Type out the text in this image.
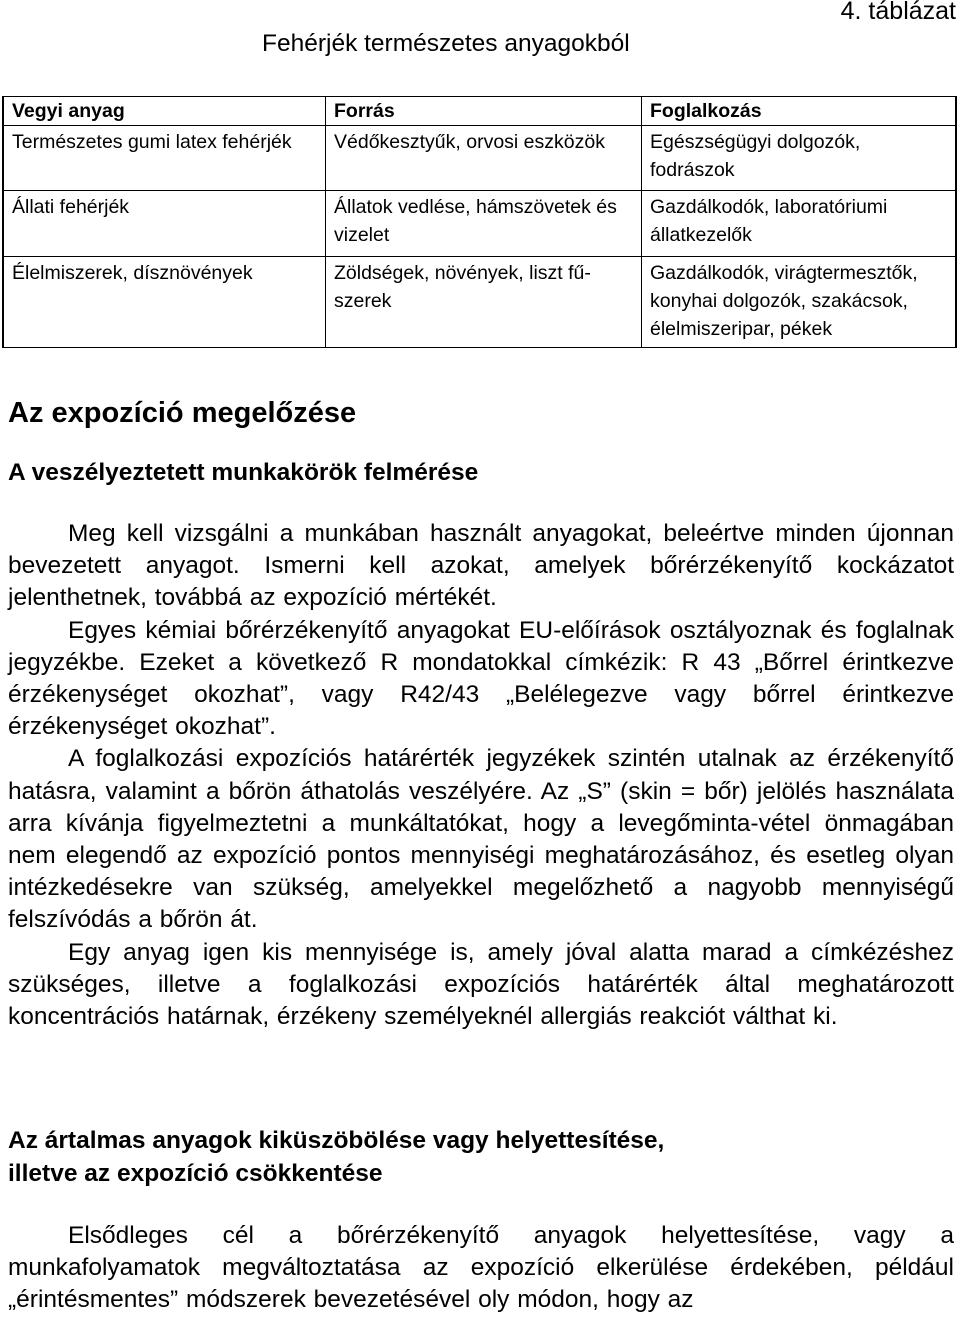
4. táblázat
Fehérjék természetes anyagokból
Vegyi anyag	Forrás	Foglalkozás
Természetes gumi latex fehérjék	Védőkesztyűk, orvosi eszközök	Egészségügyi dolgozók, fodrászok
Állati fehérjék	Állatok vedlése, hámszövetek és vizelet	Gazdálkodók, laboratóriumi állatkezelők
Élelmiszerek, dísznövények	Zöldségek, növények, liszt fű-szerek	Gazdálkodók, virágtermesztők, konyhai dolgozók, szakácsok, élelmiszeripar, pékek
Az expozíció megelőzése
A veszélyeztetett munkakörök felmérése

Meg kell vizsgálni a munkában használt anyagokat, beleértve minden újonnan bevezetett anyagot. Ismerni kell azokat, amelyek bőrérzékenyítő kockázatot jelenthetnek, továbbá az expozíció mértékét.

Egyes kémiai bőrérzékenyítő anyagokat EU-előírások osztályoznak és foglalnak jegyzékbe. Ezeket a következő R mondatokkal címkézik: R 43 „Bőrrel érintkezve érzékenységet okozhat”, vagy R42/43 „Belélegezve vagy bőrrel érintkezve érzékenységet okozhat”.

A foglalkozási expozíciós határérték jegyzékek szintén utalnak az érzékenyítő hatásra, valamint a bőrön áthatolás veszélyére. Az „S” (skin = bőr) jelölés használata arra kívánja figyelmeztetni a munkáltatókat, hogy a levegőminta-vétel önmagában nem elegendő az expozíció pontos mennyiségi meghatározásához, és esetleg olyan intézkedésekre van szükség, amelyekkel megelőzhető a nagyobb mennyiségű felszívódás a bőrön át.

Egy anyag igen kis mennyisége is, amely jóval alatta marad a címkézéshez szükséges, illetve a foglalkozási expozíciós határérték által meghatározott koncentrációs határnak, érzékeny személyeknél allergiás reakciót válthat ki.

Az ártalmas anyagok kiküszöbölése vagy helyettesítése,
illetve az expozíció csökkentése

Elsődleges cél a bőrérzékenyítő anyagok helyettesítése, vagy a munkafolyamatok megváltoztatása az expozíció elkerülése érdekében, például „érintésmentes” módszerek bevezetésével oly módon, hogy az
